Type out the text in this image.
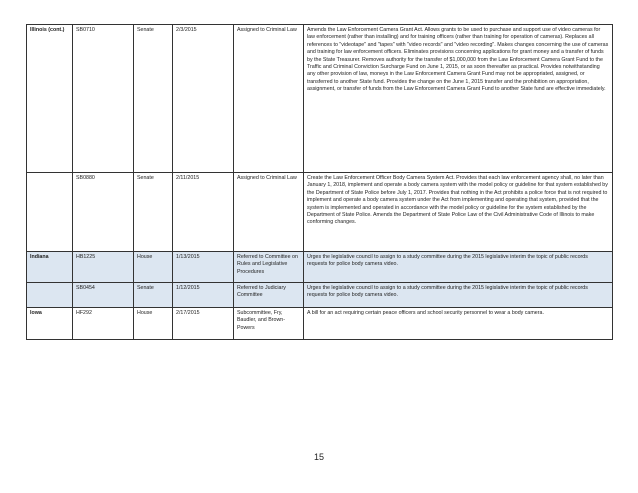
Illinois (cont.)	SB0710	Senate	2/3/2015	Assigned to Criminal Law	Amends the Law Enforcement Camera Grant Act. Allows grants to be used to purchase and support use of video cameras for law enforcement (rather than installing) and for training officers (rather than training for operation of cameras). Replaces all references to "videotape" and "tapes" with "video records" and "video recording". Makes changes concerning the use of cameras and training for law enforcement officers. Eliminates provisions concerning applications for grant money and a transfer of funds by the State Treasurer. Removes authority for the transfer of $1,000,000 from the Law Enforcement Camera Grant Fund to the Traffic and Criminal Conviction Surcharge Fund on June 1, 2015, or as soon thereafter as practical. Provides notwithstanding any other provision of law, moneys in the Law Enforcement Camera Grant Fund may not be appropriated, assigned, or transferred to another State fund. Provides the change on the June 1, 2015 transfer and the prohibition on appropriation, assignment, or transfer of funds from the Law Enforcement Camera Grant Fund to another State fund are effective immediately.
	SB0880	Senate	2/11/2015	Assigned to Criminal Law	Create the Law Enforcement Officer Body Camera System Act. Provides that each law enforcement agency shall, no later than January 1, 2018, implement and operate a body camera system with the model policy or guideline for that system established by the Department of State Police before July 1, 2017. Provides that nothing in the Act prohibits a police force that is not required to implement and operate a body camera system under the Act from implementing and operating that system, provided that the system is implemented and operated in accordance with the model policy or guideline for the system established by the Department of State Police. Amends the Department of State Police Law of the Civil Administrative Code of Illinois to make conforming changes.
Indiana	HB1225	House	1/13/2015	Referred to Committee on Rules and Legislative Procedures	Urges the legislative council to assign to a study committee during the 2015 legislative interim the topic of public records requests for police body camera video.
	SB0454	Senate	1/12/2015	Referred to Judiciary Committee	Urges the legislative council to assign to a study committee during the 2015 legislative interim the topic of public records requests for police body camera video.
Iowa	HF292	House	2/17/2015	Subcommittee, Fry, Baudler, and Brown-Powers	A bill for an act requiring certain peace officers and school security personnel to wear a body camera.
15
